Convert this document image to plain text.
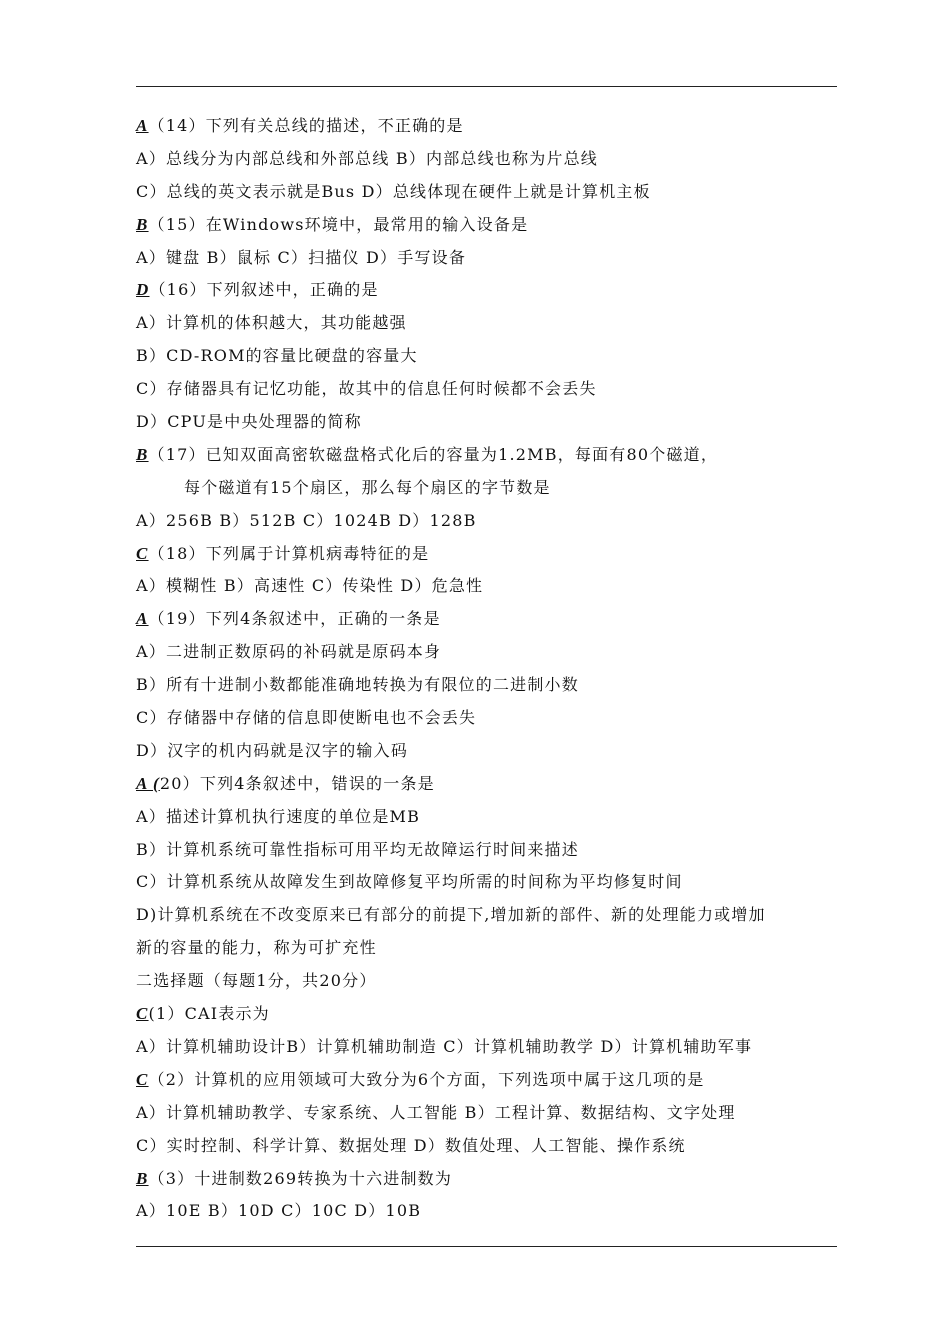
A（14）下列有关总线的描述，不正确的是
A）总线分为内部总线和外部总线 B）内部总线也称为片总线
C）总线的英文表示就是Bus D）总线体现在硬件上就是计算机主板
B（15）在Windows环境中，最常用的输入设备是
A）键盘 B）鼠标 C）扫描仪 D）手写设备
D（16）下列叙述中，正确的是
A）计算机的体积越大，其功能越强
B）CD-ROM的容量比硬盘的容量大
C）存储器具有记忆功能，故其中的信息任何时候都不会丢失
D）CPU是中央处理器的简称
B（17）已知双面高密软磁盘格式化后的容量为1.2MB，每面有80个磁道，
每个磁道有15个扇区，那么每个扇区的字节数是
A）256B B）512B C）1024B D）128B
C（18）下列属于计算机病毒特征的是
A）模糊性 B）高速性 C）传染性 D）危急性
A（19）下列4条叙述中，正确的一条是
A）二进制正数原码的补码就是原码本身
B）所有十进制小数都能准确地转换为有限位的二进制小数
C）存储器中存储的信息即使断电也不会丢失
D）汉字的机内码就是汉字的输入码
A (20）下列4条叙述中，错误的一条是
A）描述计算机执行速度的单位是MB
B）计算机系统可靠性指标可用平均无故障运行时间来描述
C）计算机系统从故障发生到故障修复平均所需的时间称为平均修复时间
D)计算机系统在不改变原来已有部分的前提下,增加新的部件、新的处理能力或增加
新的容量的能力，称为可扩充性
二选择题（每题1分，共20分）
C(1）CAI表示为
A）计算机辅助设计B）计算机辅助制造 C）计算机辅助教学 D）计算机辅助军事
C（2）计算机的应用领域可大致分为6个方面，下列选项中属于这几项的是
A）计算机辅助教学、专家系统、人工智能 B）工程计算、数据结构、文字处理
C）实时控制、科学计算、数据处理 D）数值处理、人工智能、操作系统
B（3）十进制数269转换为十六进制数为
A）10E B）10D C）10C D）10B
